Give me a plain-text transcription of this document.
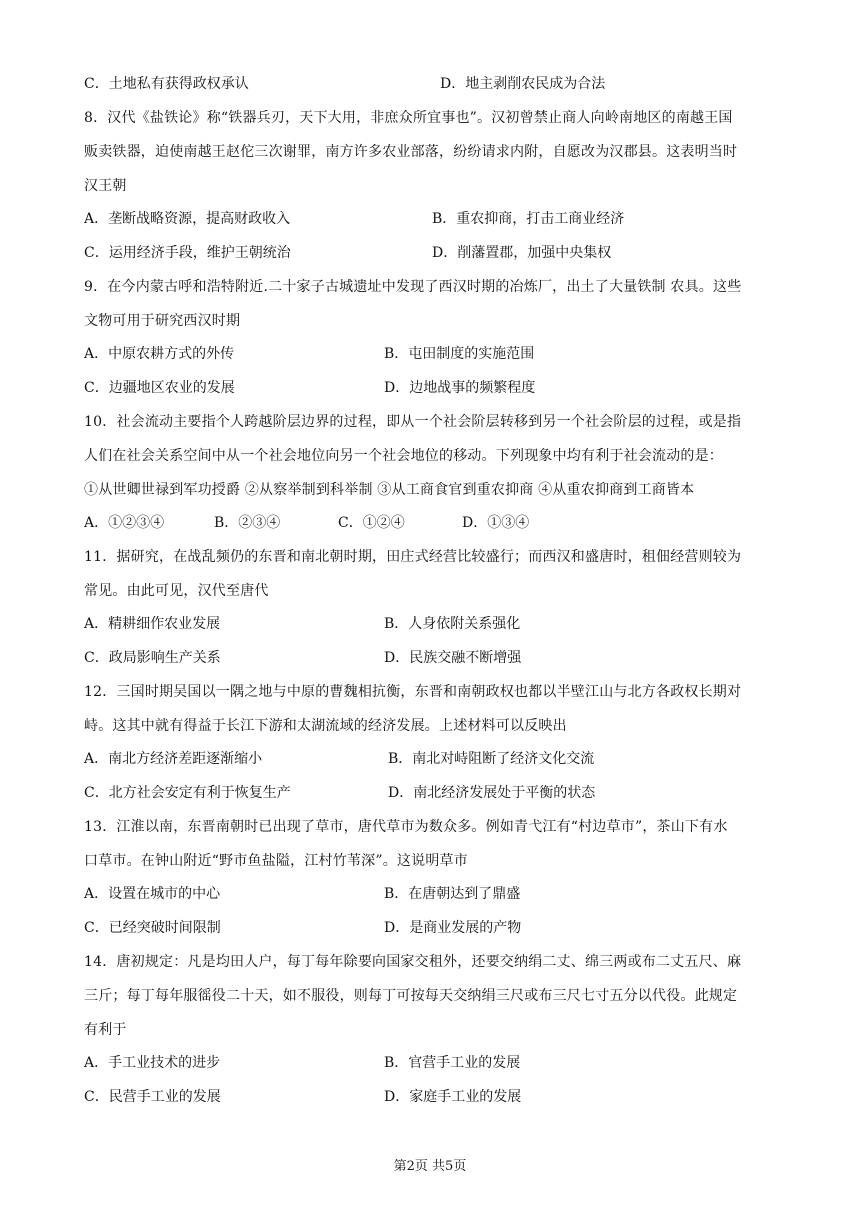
C．土地私有获得政权承认	D．地主剥削农民成为合法
8．汉代《盐铁论》称“铁器兵刃，天下大用，非庶众所宜事也”。汉初曾禁止商人向岭南地区的南越王国
贩卖铁器，迫使南越王赵佗三次谢罪，南方许多农业部落，纷纷请求内附，自愿改为汉郡县。这表明当时
汉王朝
A．垄断战略资源，提高财政收入	B．重农抑商，打击工商业经济
C．运用经济手段，维护王朝统治	D．削藩置郡，加强中央集权
9．在今内蒙古呼和浩特附近.二十家子古城遗址中发现了西汉时期的冶炼厂，出土了大量铁制 农具。这些
文物可用于研究西汉时期
A．中原农耕方式的外传	B．屯田制度的实施范围
C．边疆地区农业的发展	D．边地战事的频繁程度
10．社会流动主要指个人跨越阶层边界的过程，即从一个社会阶层转移到另一个社会阶层的过程，或是指
人们在社会关系空间中从一个社会地位向另一个社会地位的移动。下列现象中均有利于社会流动的是：
①从世卿世禄到军功授爵 ②从察举制到科举制 ③从工商食官到重农抑商 ④从重农抑商到工商皆本
A．①②③④	B．②③④	C．①②④	D．①③④
11．据研究，在战乱频仍的东晋和南北朝时期，田庄式经营比较盛行；而西汉和盛唐时，租佃经营则较为
常见。由此可见，汉代至唐代
A．精耕细作农业发展	B．人身依附关系强化
C．政局影响生产关系	D．民族交融不断增强
12．三国时期吴国以一隅之地与中原的曹魏相抗衡，东晋和南朝政权也都以半壁江山与北方各政权长期对
峙。这其中就有得益于长江下游和太湖流域的经济发展。上述材料可以反映出
A．南北方经济差距逐渐缩小	B．南北对峙阻断了经济文化交流
C．北方社会安定有利于恢复生产	D．南北经济发展处于平衡的状态
13．江淮以南，东晋南朝时已出现了草市，唐代草市为数众多。例如青弋江有“村边草市”，茶山下有水
口草市。在钟山附近“野市鱼盐隘，江村竹苇深”。这说明草市
A．设置在城市的中心	B．在唐朝达到了鼎盛
C．已经突破时间限制	D．是商业发展的产物
14．唐初规定：凡是均田人户，每丁每年除要向国家交租外，还要交纳绢二丈、绵三两或布二丈五尺、麻
三斤；每丁每年服徭役二十天，如不服役，则每丁可按每天交纳绢三尺或布三尺七寸五分以代役。此规定
有利于
A．手工业技术的进步	B．官营手工业的发展
C．民营手工业的发展	D．家庭手工业的发展
第2页 共5页
